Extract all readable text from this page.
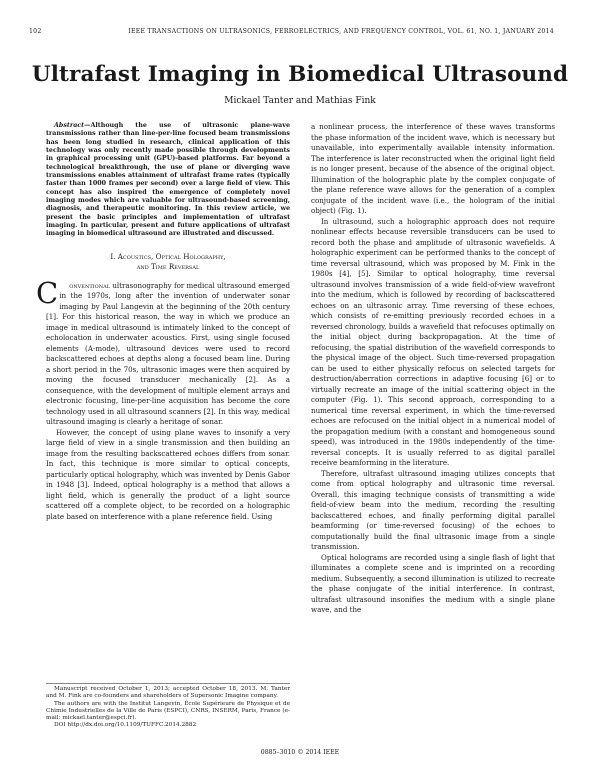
102	IEEE TRANSACTIONS ON ULTRASONICS, FERROELECTRICS, AND FREQUENCY CONTROL, VOL. 61, NO. 1, JANUARY 2014
Ultrafast Imaging in Biomedical Ultrasound
Mickael Tanter and Mathias Fink

Abstract—Although the use of ultrasonic plane-wave transmissions rather than line-per-line focused beam transmissions has been long studied in research, clinical application of this technology was only recently made possible through developments in graphical processing unit (GPU)-based platforms. Far beyond a technological breakthrough, the use of plane or diverging wave transmissions enables attainment of ultrafast frame rates (typically faster than 1000 frames per second) over a large field of view. This concept has also inspired the emergence of completely novel imaging modes which are valuable for ultrasound-based screening, diagnosis, and therapeutic monitoring. In this review article, we present the basic principles and implementation of ultrafast imaging. In particular, present and future applications of ultrafast imaging in biomedical ultrasound are illustrated and discussed.

I. Acoustics, Optical Holography,
and Time Reversal

C onventional ultrasonography for medical ultrasound emerged in the 1970s, long after the invention of underwater sonar imaging by Paul Langevin at the beginning of the 20th century [1]. For this historical reason, the way in which we produce an image in medical ultrasound is intimately linked to the concept of echolocation in underwater acoustics. First, using single focused elements (A-mode), ultrasound devices were used to record backscattered echoes at depths along a focused beam line. During a short period in the 70s, ultrasonic images were then acquired by moving the focused transducer mechanically [2]. As a consequence, with the development of multiple element arrays and electronic focusing, line-per-line acquisition has become the core technology used in all ultrasound scanners [2]. In this way, medical ultrasound imaging is clearly a heritage of sonar.

However, the concept of using plane waves to insonify a very large field of view in a single transmission and then building an image from the resulting backscattered echoes differs from sonar. In fact, this technique is more similar to optical concepts, particularly optical holography, which was invented by Denis Gabor in 1948 [3]. Indeed, optical holography is a method that allows a light field, which is generally the product of a light source scattered off a complete object, to be recorded on a holographic plate based on interference with a plane reference field. Using

a nonlinear process, the interference of these waves transforms the phase information of the incident wave, which is necessary but unavailable, into experimentally available intensity information. The interference is later reconstructed when the original light field is no longer present, because of the absence of the original object. Illumination of the holographic plate by the complex conjugate of the plane reference wave allows for the generation of a complex conjugate of the incident wave (i.e., the hologram of the initial object) (Fig. 1).

In ultrasound, such a holographic approach does not require nonlinear effects because reversible transducers can be used to record both the phase and amplitude of ultrasonic wavefields. A holographic experiment can be performed thanks to the concept of time reversal ultrasound, which was proposed by M. Fink in the 1980s [4], [5]. Similar to optical holography, time reversal ultrasound involves transmission of a wide field-of-view wavefront into the medium, which is followed by recording of backscattered echoes on an ultrasonic array. Time reversing of these echoes, which consists of re-emitting previously recorded echoes in a reversed chronology, builds a wavefield that refocuses optimally on the initial object during backpropagation. At the time of refocusing, the spatial distribution of the wavefield corresponds to the physical image of the object. Such time-reversed propagation can be used to either physically refocus on selected targets for destruction/aberration corrections in adaptive focusing [6] or to virtually recreate an image of the initial scattering object in the computer (Fig. 1). This second approach, corresponding to a numerical time reversal experiment, in which the time-reversed echoes are refocused on the initial object in a numerical model of the propagation medium (with a constant and homogeneous sound speed), was introduced in the 1980s independently of the time-reversal concepts. It is usually referred to as digital parallel receive beamforming in the literature.

Therefore, ultrafast ultrasound imaging utilizes concepts that come from optical holography and ultrasonic time reversal. Overall, this imaging technique consists of transmitting a wide field-of-view beam into the medium, recording the resulting backscattered echoes, and finally performing digital parallel beamforming (or time-reversed focusing) of the echoes to computationally build the final ultrasonic image from a single transmission.

Optical holograms are recorded using a single flash of light that illuminates a complete scene and is imprinted on a recording medium. Subsequently, a second illumination is utilized to recreate the phase conjugate of the initial interference. In contrast, ultrafast ultrasound insonifies the medium with a single plane wave, and the

Manuscript received October 1, 2013; accepted October 18, 2013. M. Tanter and M. Fink are co-founders and shareholders of Supersonic Imagine company.

The authors are with the Institut Langevin, École Supérieure de Physique et de Chimie Industrielles de la Ville de Paris (ESPCI), CNRS, INSERM, Paris, France (e-mail: mickael.tanter@espci.fr).

DOI http://dx.doi.org/10.1109/TUFFC.2014.2882

0885–3010 © 2014 IEEE
